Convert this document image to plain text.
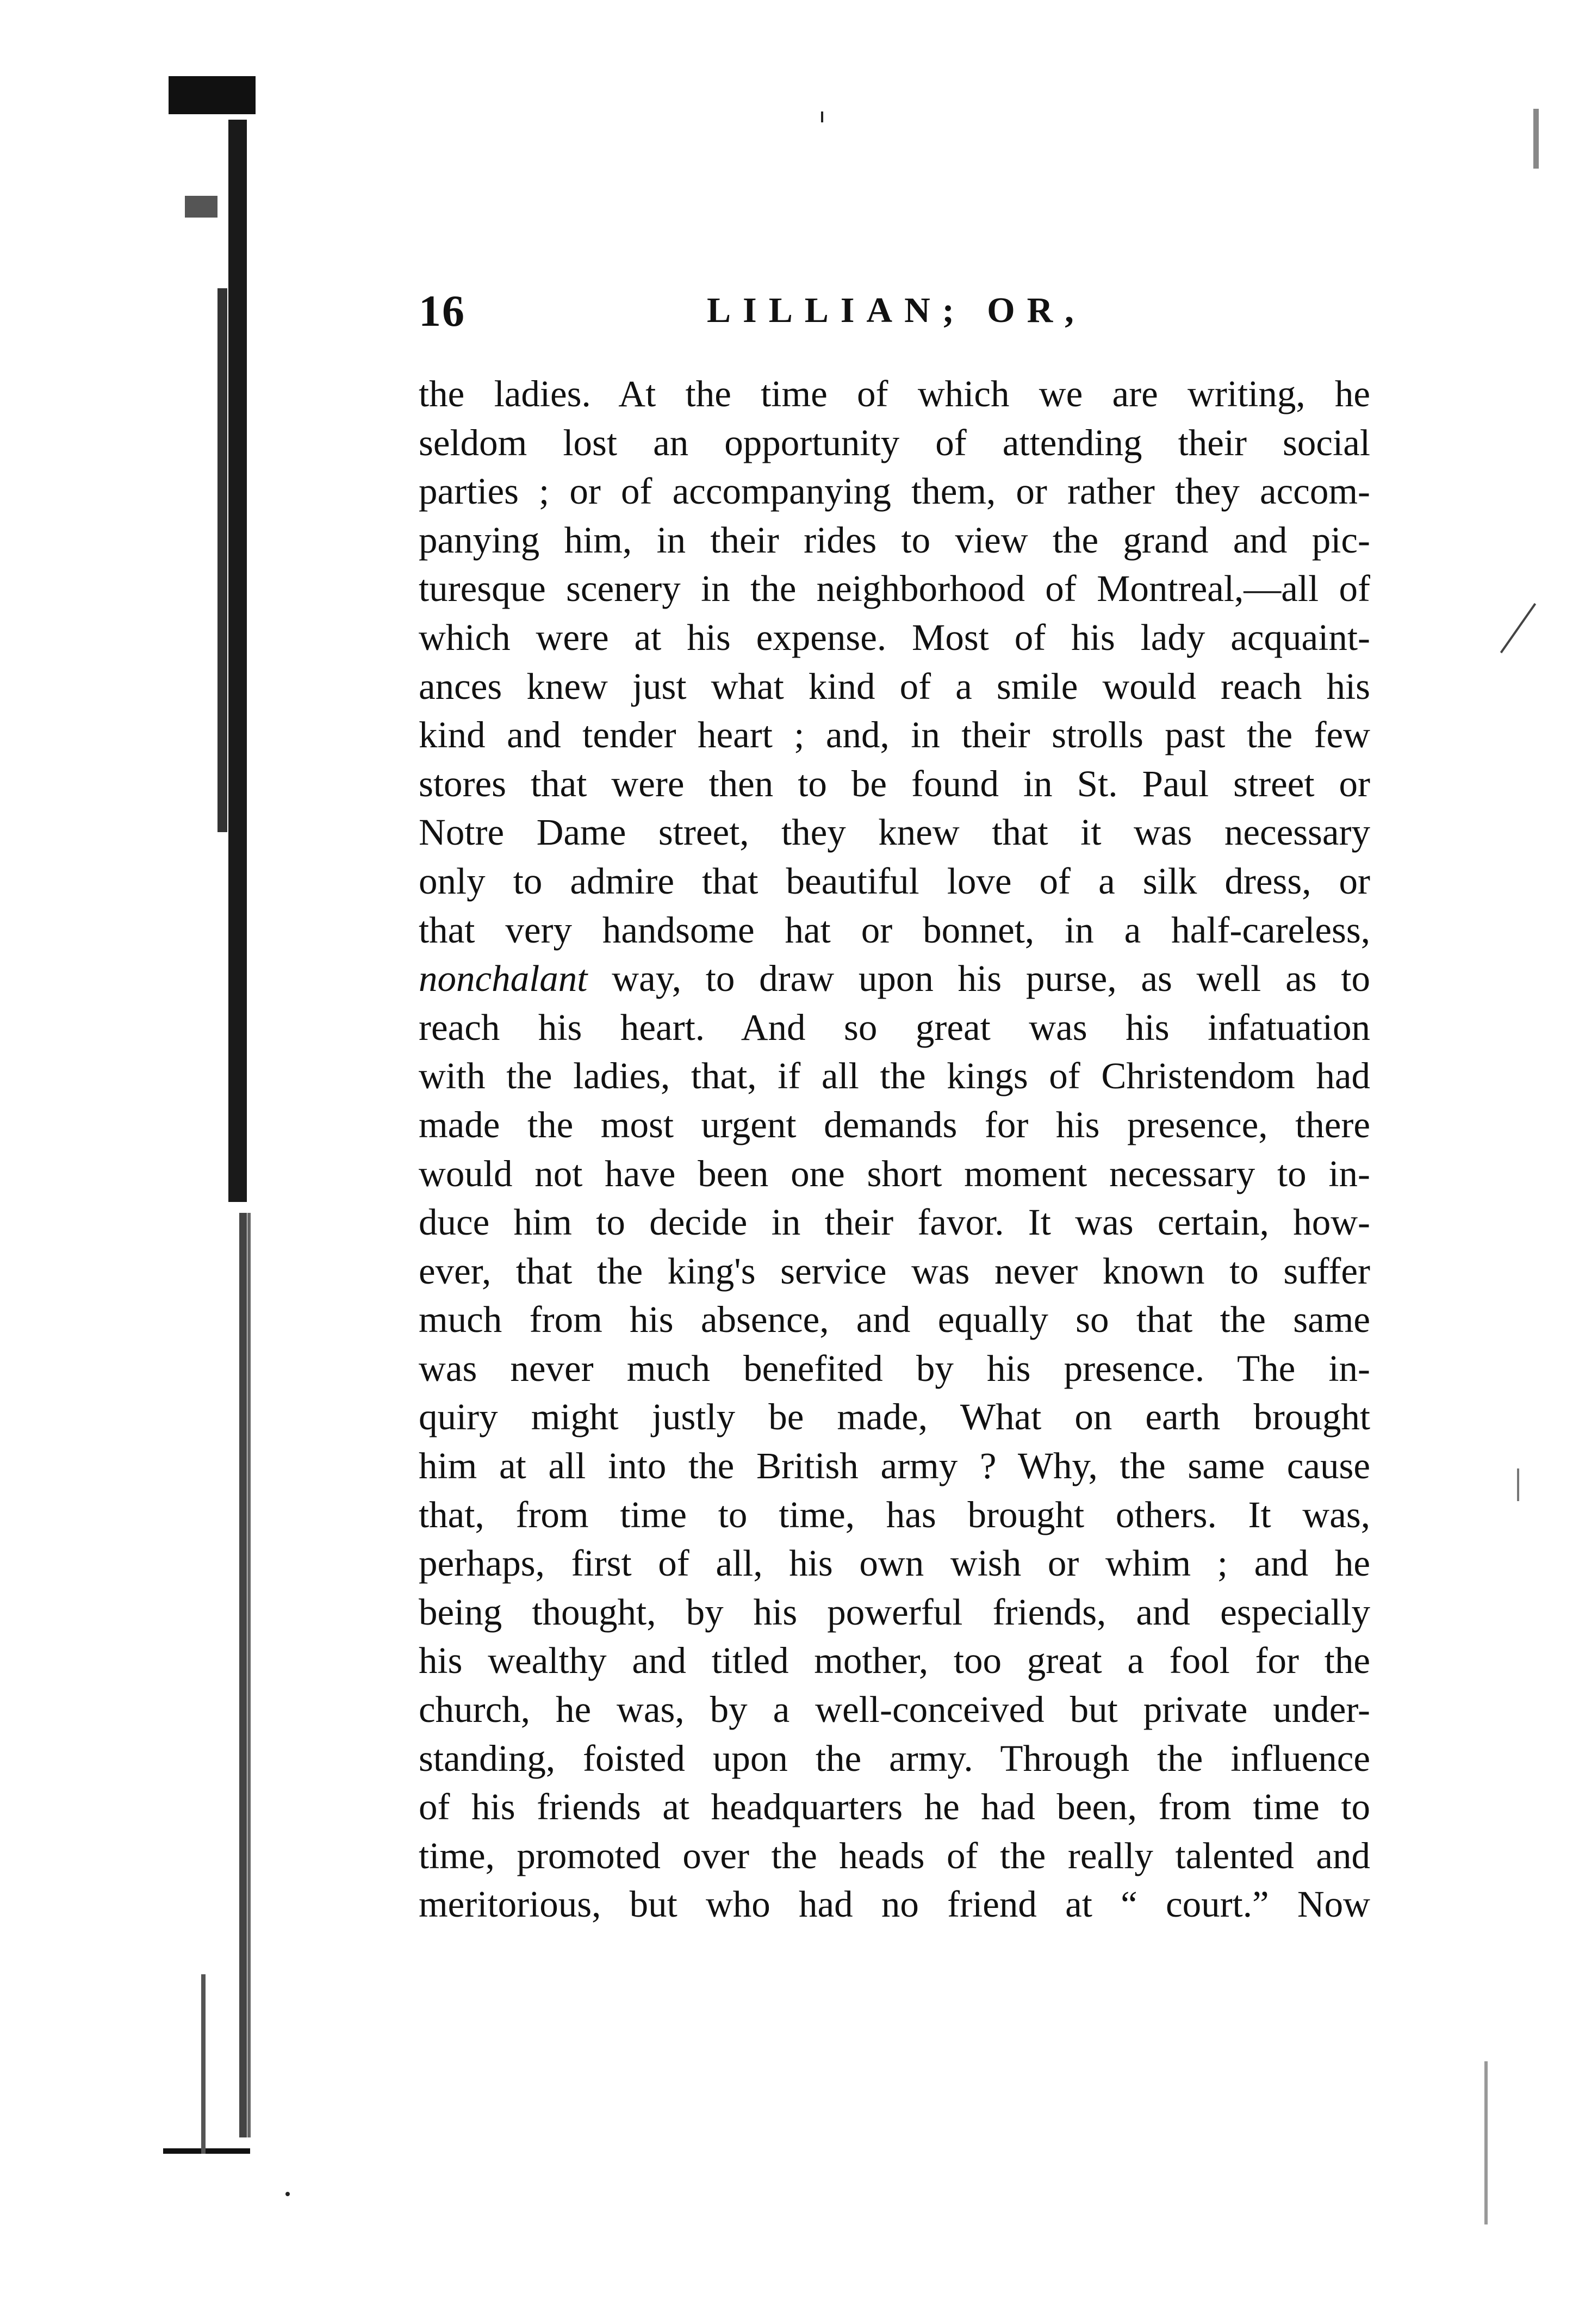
16	LILLIAN; OR,
the ladies. At the time of which we are writing, he
seldom lost an opportunity of attending their social
parties ; or of accompanying them, or rather they accom-
panying him, in their rides to view the grand and pic-
turesque scenery in the neighborhood of Montreal,—all of
which were at his expense. Most of his lady acquaint-
ances knew just what kind of a smile would reach his
kind and tender heart ; and, in their strolls past the few
stores that were then to be found in St. Paul street or
Notre Dame street, they knew that it was necessary
only to admire that beautiful love of a silk dress, or
that very handsome hat or bonnet, in a half-careless,
nonchalant way, to draw upon his purse, as well as to
reach his heart. And so great was his infatuation
with the ladies, that, if all the kings of Christendom had
made the most urgent demands for his presence, there
would not have been one short moment necessary to in-
duce him to decide in their favor. It was certain, how-
ever, that the king's service was never known to suffer
much from his absence, and equally so that the same
was never much benefited by his presence. The in-
quiry might justly be made, What on earth brought
him at all into the British army ? Why, the same cause
that, from time to time, has brought others. It was,
perhaps, first of all, his own wish or whim ; and he
being thought, by his powerful friends, and especially
his wealthy and titled mother, too great a fool for the
church, he was, by a well-conceived but private under-
standing, foisted upon the army. Through the influence
of his friends at headquarters he had been, from time to
time, promoted over the heads of the really talented and
meritorious, but who had no friend at “ court.” Now
